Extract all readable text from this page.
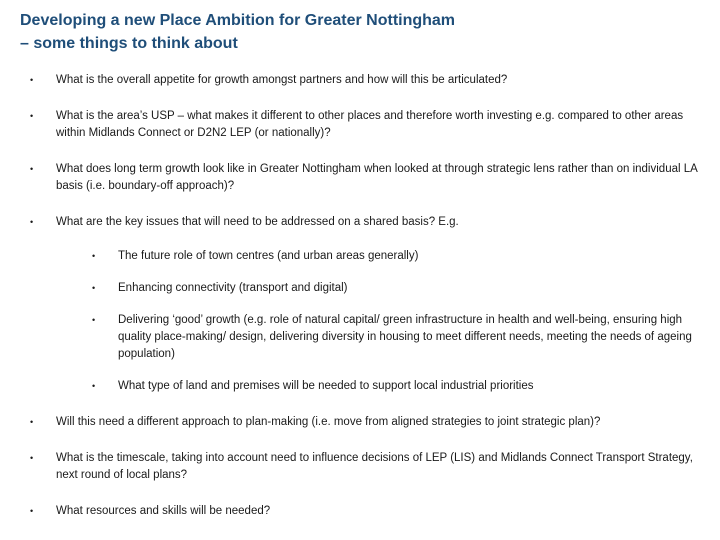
Developing a new Place Ambition for Greater Nottingham
– some things to think about
• What is the overall appetite for growth amongst partners and how will this be articulated?
• What is the area’s USP – what makes it different to other places and therefore worth investing e.g. compared to other areas within Midlands Connect or D2N2 LEP (or nationally)?
• What does long term growth look like in Greater Nottingham when looked at through strategic lens rather than on individual LA basis (i.e. boundary-off approach)?
• What are the key issues that will need to be addressed on a shared basis? E.g.
• The future role of town centres (and urban areas generally)
• Enhancing connectivity (transport and digital)
• Delivering ‘good’ growth (e.g. role of natural capital/ green infrastructure in health and well-being, ensuring high quality place-making/ design, delivering diversity in housing to meet different needs, meeting the needs of ageing population)
• What type of land and premises will be needed to support local industrial priorities
• Will this need a different approach to plan-making (i.e. move from aligned strategies to joint strategic plan)?
• What is the timescale, taking into account need to influence decisions of LEP (LIS) and Midlands Connect Transport Strategy, next round of local plans?
• What resources and skills will be needed?
